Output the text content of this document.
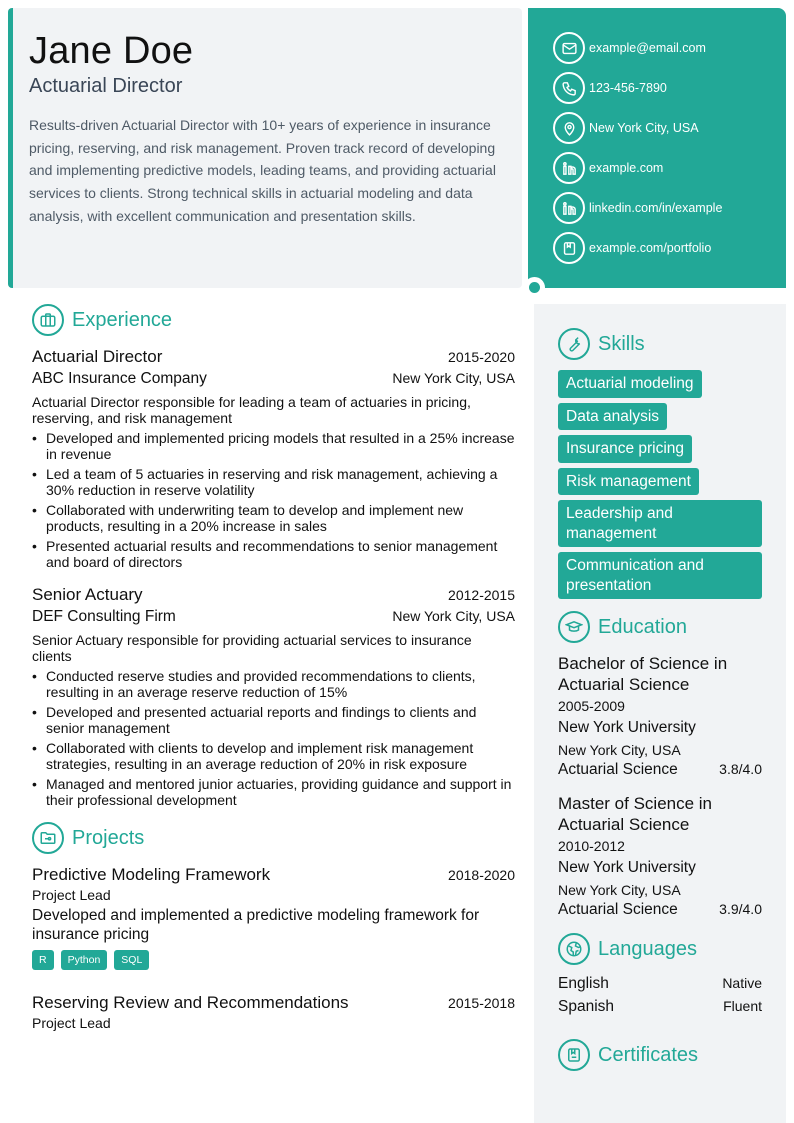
Jane Doe
Actuarial Director
Results-driven Actuarial Director with 10+ years of experience in insurance pricing, reserving, and risk management. Proven track record of developing and implementing predictive models, leading teams, and providing actuarial services to clients. Strong technical skills in actuarial modeling and data analysis, with excellent communication and presentation skills.
example@email.com
123-456-7890
New York City, USA
example.com
linkedin.com/in/example
example.com/portfolio
Experience
Actuarial Director	2015-2020
ABC Insurance Company	New York City, USA
Actuarial Director responsible for leading a team of actuaries in pricing, reserving, and risk management
• Developed and implemented pricing models that resulted in a 25% increase in revenue
• Led a team of 5 actuaries in reserving and risk management, achieving a 30% reduction in reserve volatility
• Collaborated with underwriting team to develop and implement new products, resulting in a 20% increase in sales
• Presented actuarial results and recommendations to senior management and board of directors
Senior Actuary	2012-2015
DEF Consulting Firm	New York City, USA
Senior Actuary responsible for providing actuarial services to insurance clients
• Conducted reserve studies and provided recommendations to clients, resulting in an average reserve reduction of 15%
• Developed and presented actuarial reports and findings to clients and senior management
• Collaborated with clients to develop and implement risk management strategies, resulting in an average reduction of 20% in risk exposure
• Managed and mentored junior actuaries, providing guidance and support in their professional development
Projects
Predictive Modeling Framework	2018-2020
Project Lead
Developed and implemented a predictive modeling framework for insurance pricing
R	Python	SQL
Reserving Review and Recommendations	2015-2018
Project Lead
Skills
Actuarial modeling
Data analysis
Insurance pricing
Risk management

Leadership and management
Communication and presentation
Education
Bachelor of Science in Actuarial Science
2005-2009
New York University
New York City, USA
Actuarial Science	3.8/4.0
Master of Science in Actuarial Science
2010-2012
New York University
New York City, USA
Actuarial Science	3.9/4.0
Languages
English	Native
Spanish	Fluent
Certificates
